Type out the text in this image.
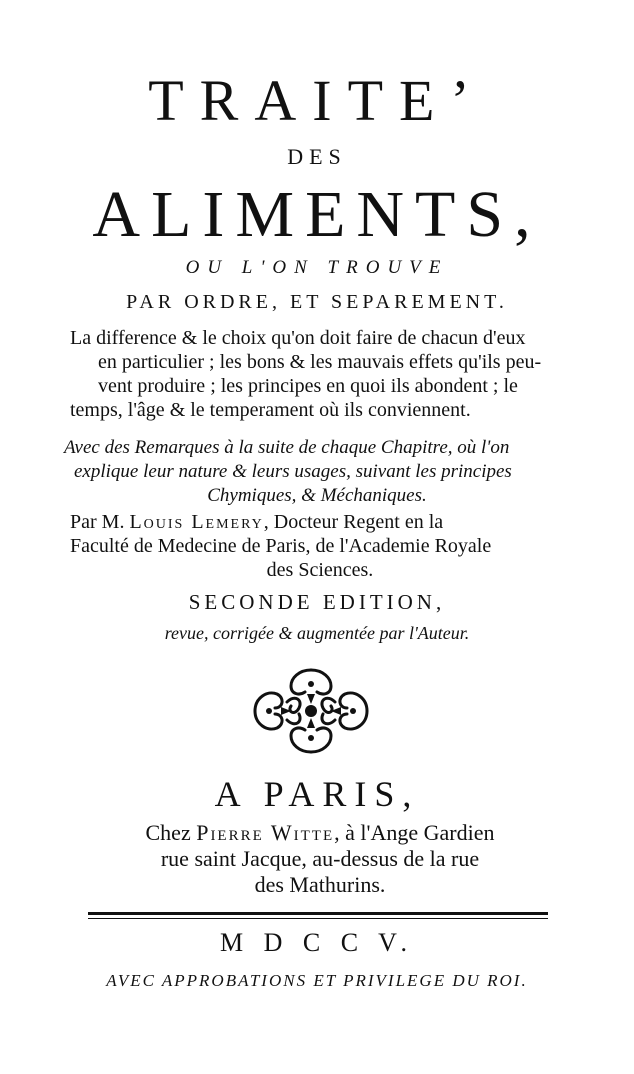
TRAITE’
DES
ALIMENTS,
OU L'ON TROUVE
PAR ORDRE, ET SEPAREMENT.
La difference & le choix qu'on doit faire de chacun d'eux
en particulier ; les bons & les mauvais effets qu'ils peu-
vent produire ; les principes en quoi ils abondent ; le
temps, l'âge & le temperament où ils conviennent.
Avec des Remarques à la suite de chaque Chapitre, où l'on
explique leur nature & leurs usages, suivant les principes
Chymiques, & Méchaniques.
Par M. Louis Lemery, Docteur Regent en la
Faculté de Medecine de Paris, de l'Academie Royale
des Sciences.
SECONDE EDITION,
revue, corrigée & augmentée par l'Auteur.
A PARIS,
Chez Pierre Witte, à l'Ange Gardien
rue saint Jacque, au-dessus de la rue
des Mathurins.
M D C C V.
AVEC APPROBATIONS ET PRIVILEGE DU ROI.
